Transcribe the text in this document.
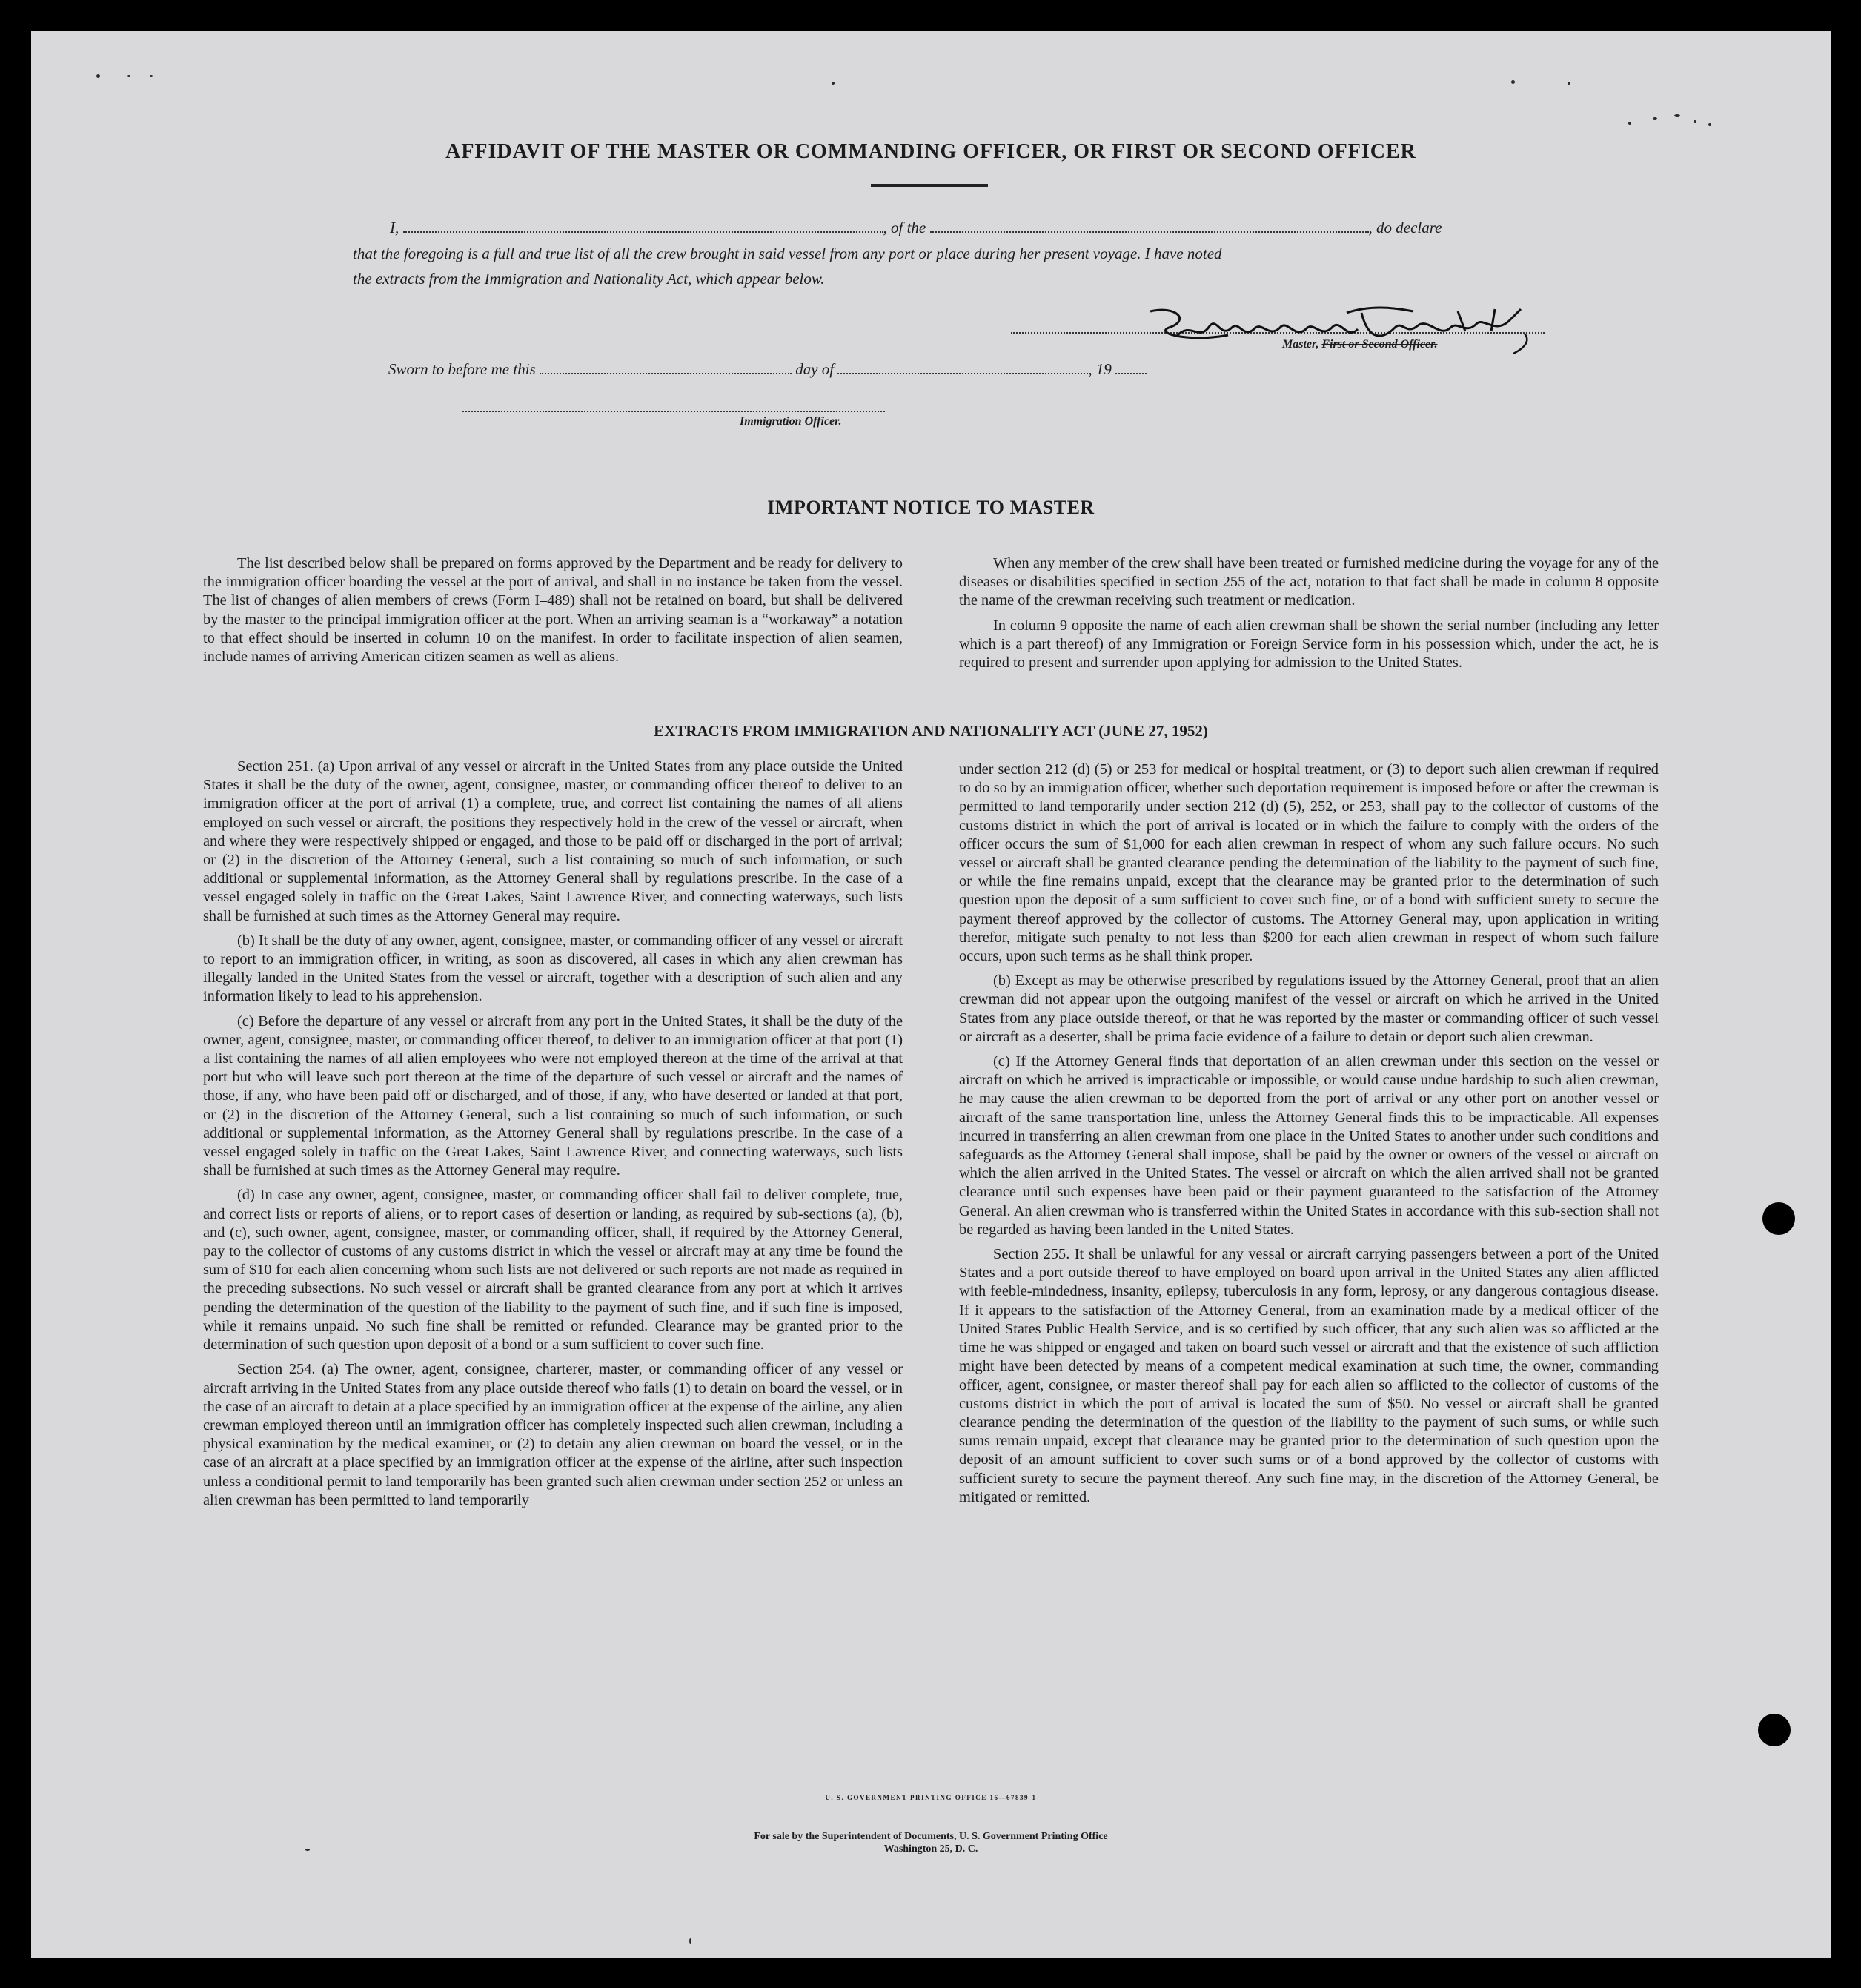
AFFIDAVIT OF THE MASTER OR COMMANDING OFFICER, OR FIRST OR SECOND OFFICER
I,	, of the	, do declare
that the foregoing is a full and true list of all the crew brought in said vessel from any port or place during her present voyage. I have noted
the extracts from the Immigration and Nationality Act, which appear below.
Master, First or Second Officer.
Sworn to before me this	day of	, 19
Immigration Officer.
IMPORTANT NOTICE TO MASTER

The list described below shall be prepared on forms approved by the Department and be ready for delivery to the immigration officer boarding the vessel at the port of arrival, and shall in no instance be taken from the vessel. The list of changes of alien members of crews (Form I–489) shall not be retained on board, but shall be delivered by the master to the principal immigration officer at the port. When an arriving seaman is a “workaway” a notation to that effect should be inserted in column 10 on the manifest. In order to facilitate inspection of alien seamen, include names of arriving American citizen seamen as well as aliens.

When any member of the crew shall have been treated or furnished medicine during the voyage for any of the diseases or disabilities specified in section 255 of the act, notation to that fact shall be made in column 8 opposite the name of the crewman receiving such treatment or medication.

In column 9 opposite the name of each alien crewman shall be shown the serial number (including any letter which is a part thereof) of any Immigration or Foreign Service form in his possession which, under the act, he is required to present and surrender upon applying for admission to the United States.

EXTRACTS FROM IMMIGRATION AND NATIONALITY ACT (JUNE 27, 1952)

Section 251. (a) Upon arrival of any vessel or aircraft in the United States from any place outside the United States it shall be the duty of the owner, agent, consignee, master, or commanding officer thereof to deliver to an immigration officer at the port of arrival (1) a complete, true, and correct list containing the names of all aliens employed on such vessel or aircraft, the positions they respectively hold in the crew of the vessel or aircraft, when and where they were respectively shipped or engaged, and those to be paid off or discharged in the port of arrival; or (2) in the discretion of the Attorney General, such a list containing so much of such information, or such additional or supplemental information, as the Attorney General shall by regulations prescribe. In the case of a vessel engaged solely in traffic on the Great Lakes, Saint Lawrence River, and connecting waterways, such lists shall be furnished at such times as the Attorney General may require.

(b) It shall be the duty of any owner, agent, consignee, master, or commanding officer of any vessel or aircraft to report to an immigration officer, in writing, as soon as discovered, all cases in which any alien crewman has illegally landed in the United States from the vessel or aircraft, together with a description of such alien and any information likely to lead to his apprehension.

(c) Before the departure of any vessel or aircraft from any port in the United States, it shall be the duty of the owner, agent, consignee, master, or commanding officer thereof, to deliver to an immigration officer at that port (1) a list containing the names of all alien employees who were not employed thereon at the time of the arrival at that port but who will leave such port thereon at the time of the departure of such vessel or aircraft and the names of those, if any, who have been paid off or discharged, and of those, if any, who have deserted or landed at that port, or (2) in the discretion of the Attorney General, such a list containing so much of such information, or such additional or supplemental information, as the Attorney General shall by regulations prescribe. In the case of a vessel engaged solely in traffic on the Great Lakes, Saint Lawrence River, and connecting waterways, such lists shall be furnished at such times as the Attorney General may require.

(d) In case any owner, agent, consignee, master, or commanding officer shall fail to deliver complete, true, and correct lists or reports of aliens, or to report cases of desertion or landing, as required by sub-sections (a), (b), and (c), such owner, agent, consignee, master, or commanding officer, shall, if required by the Attorney General, pay to the collector of customs of any customs district in which the vessel or aircraft may at any time be found the sum of $10 for each alien concerning whom such lists are not delivered or such reports are not made as required in the preceding subsections. No such vessel or aircraft shall be granted clearance from any port at which it arrives pending the determination of the question of the liability to the payment of such fine, and if such fine is imposed, while it remains unpaid. No such fine shall be remitted or refunded. Clearance may be granted prior to the determination of such question upon deposit of a bond or a sum sufficient to cover such fine.

Section 254. (a) The owner, agent, consignee, charterer, master, or commanding officer of any vessel or aircraft arriving in the United States from any place outside thereof who fails (1) to detain on board the vessel, or in the case of an aircraft to detain at a place specified by an immigration officer at the expense of the airline, any alien crewman employed thereon until an immigration officer has completely inspected such alien crewman, including a physical examination by the medical examiner, or (2) to detain any alien crewman on board the vessel, or in the case of an aircraft at a place specified by an immigration officer at the expense of the airline, after such inspection unless a conditional permit to land temporarily has been granted such alien crewman under section 252 or unless an alien crewman has been permitted to land temporarily

under section 212 (d) (5) or 253 for medical or hospital treatment, or (3) to deport such alien crewman if required to do so by an immigration officer, whether such deportation requirement is imposed before or after the crewman is permitted to land temporarily under section 212 (d) (5), 252, or 253, shall pay to the collector of customs of the customs district in which the port of arrival is located or in which the failure to comply with the orders of the officer occurs the sum of $1,000 for each alien crewman in respect of whom any such failure occurs. No such vessel or aircraft shall be granted clearance pending the determination of the liability to the payment of such fine, or while the fine remains unpaid, except that the clearance may be granted prior to the determination of such question upon the deposit of a sum sufficient to cover such fine, or of a bond with sufficient surety to secure the payment thereof approved by the collector of customs. The Attorney General may, upon application in writing therefor, mitigate such penalty to not less than $200 for each alien crewman in respect of whom such failure occurs, upon such terms as he shall think proper.

(b) Except as may be otherwise prescribed by regulations issued by the Attorney General, proof that an alien crewman did not appear upon the outgoing manifest of the vessel or aircraft on which he arrived in the United States from any place outside thereof, or that he was reported by the master or commanding officer of such vessel or aircraft as a deserter, shall be prima facie evidence of a failure to detain or deport such alien crewman.

(c) If the Attorney General finds that deportation of an alien crewman under this section on the vessel or aircraft on which he arrived is impracticable or impossible, or would cause undue hardship to such alien crewman, he may cause the alien crewman to be deported from the port of arrival or any other port on another vessel or aircraft of the same transportation line, unless the Attorney General finds this to be impracticable. All expenses incurred in transferring an alien crewman from one place in the United States to another under such conditions and safeguards as the Attorney General shall impose, shall be paid by the owner or owners of the vessel or aircraft on which the alien arrived in the United States. The vessel or aircraft on which the alien arrived shall not be granted clearance until such expenses have been paid or their payment guaranteed to the satisfaction of the Attorney General. An alien crewman who is transferred within the United States in accordance with this sub-section shall not be regarded as having been landed in the United States.

Section 255. It shall be unlawful for any vessal or aircraft carrying passengers between a port of the United States and a port outside thereof to have employed on board upon arrival in the United States any alien afflicted with feeble-mindedness, insanity, epilepsy, tuberculosis in any form, leprosy, or any dangerous contagious disease. If it appears to the satisfaction of the Attorney General, from an examination made by a medical officer of the United States Public Health Service, and is so certified by such officer, that any such alien was so afflicted at the time he was shipped or engaged and taken on board such vessel or aircraft and that the existence of such affliction might have been detected by means of a competent medical examination at such time, the owner, commanding officer, agent, consignee, or master thereof shall pay for each alien so afflicted to the collector of customs of the customs district in which the port of arrival is located the sum of $50. No vessel or aircraft shall be granted clearance pending the determination of the question of the liability to the payment of such sums, or while such sums remain unpaid, except that clearance may be granted prior to the determination of such question upon the deposit of an amount sufficient to cover such sums or of a bond approved by the collector of customs with sufficient surety to secure the payment thereof. Any such fine may, in the discretion of the Attorney General, be mitigated or remitted.

U. S. GOVERNMENT PRINTING OFFICE 16—67839-1
For sale by the Superintendent of Documents, U. S. Government Printing Office
Washington 25, D. C.
